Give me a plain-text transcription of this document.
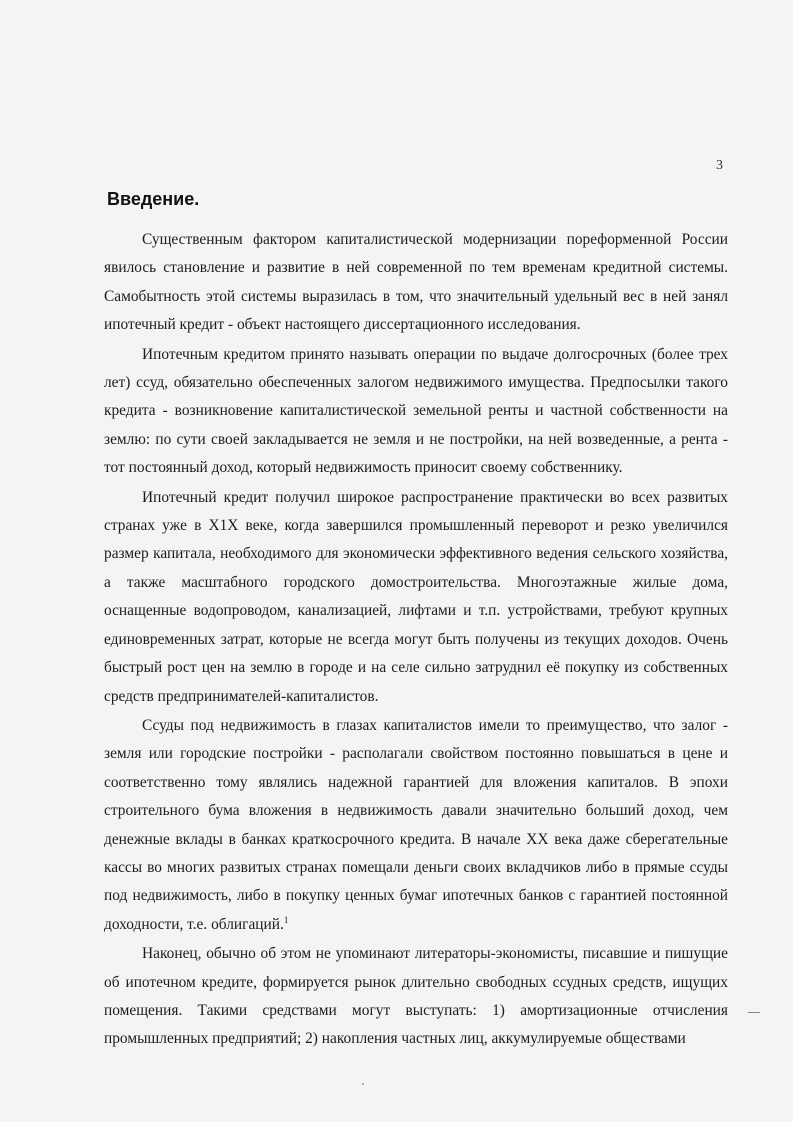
3
Введение.

Существенным фактором капиталистической модернизации пореформенной России явилось становление и развитие в ней современной по тем временам кредитной системы. Самобытность этой системы выразилась в том, что значительный удельный вес в ней занял ипотечный кредит - объект настоящего диссертационного исследования.

Ипотечным кредитом принято называть операции по выдаче долгосрочных (более трех лет) ссуд, обязательно обеспеченных залогом недвижимого имущества. Предпосылки такого кредита - возникновение капиталистической земельной ренты и частной собственности на землю: по сути своей закладывается не земля и не постройки, на ней возведенные, а рента - тот постоянный доход, который недвижимость приносит своему собственнику.

Ипотечный кредит получил широкое распространение практически во всех развитых странах уже в Х1Х веке, когда завершился промышленный переворот и резко увеличился размер капитала, необходимого для экономически эффективного ведения сельского хозяйства, а также масштабного городского домостроительства. Многоэтажные жилые дома, оснащенные водопроводом, канализацией, лифтами и т.п. устройствами, требуют крупных единовременных затрат, которые не всегда могут быть получены из текущих доходов. Очень быстрый рост цен на землю в городе и на селе сильно затруднил её покупку из собственных средств предпринимателей-капиталистов.

Ссуды под недвижимость в глазах капиталистов имели то преимущество, что залог - земля или городские постройки - располагали свойством постоянно повышаться в цене и соответственно тому являлись надежной гарантией для вложения капиталов. В эпохи строительного бума вложения в недвижимость давали значительно больший доход, чем денежные вклады в банках краткосрочного кредита. В начале ХХ века даже сберегательные кассы во многих развитых странах помещали деньги своих вкладчиков либо в прямые ссуды под недвижимость, либо в покупку ценных бумаг ипотечных банков с гарантией постоянной доходности, т.е. облигаций.$^1$

Наконец, обычно об этом не упоминают литераторы-экономисты, писавшие и пишущие об ипотечном кредите, формируется рынок длительно свободных ссудных средств, ищущих помещения. Такими средствами могут выступать: 1) амортизационные отчисления промышленных предприятий; 2) накопления частных лиц, аккумулируемые обществами
